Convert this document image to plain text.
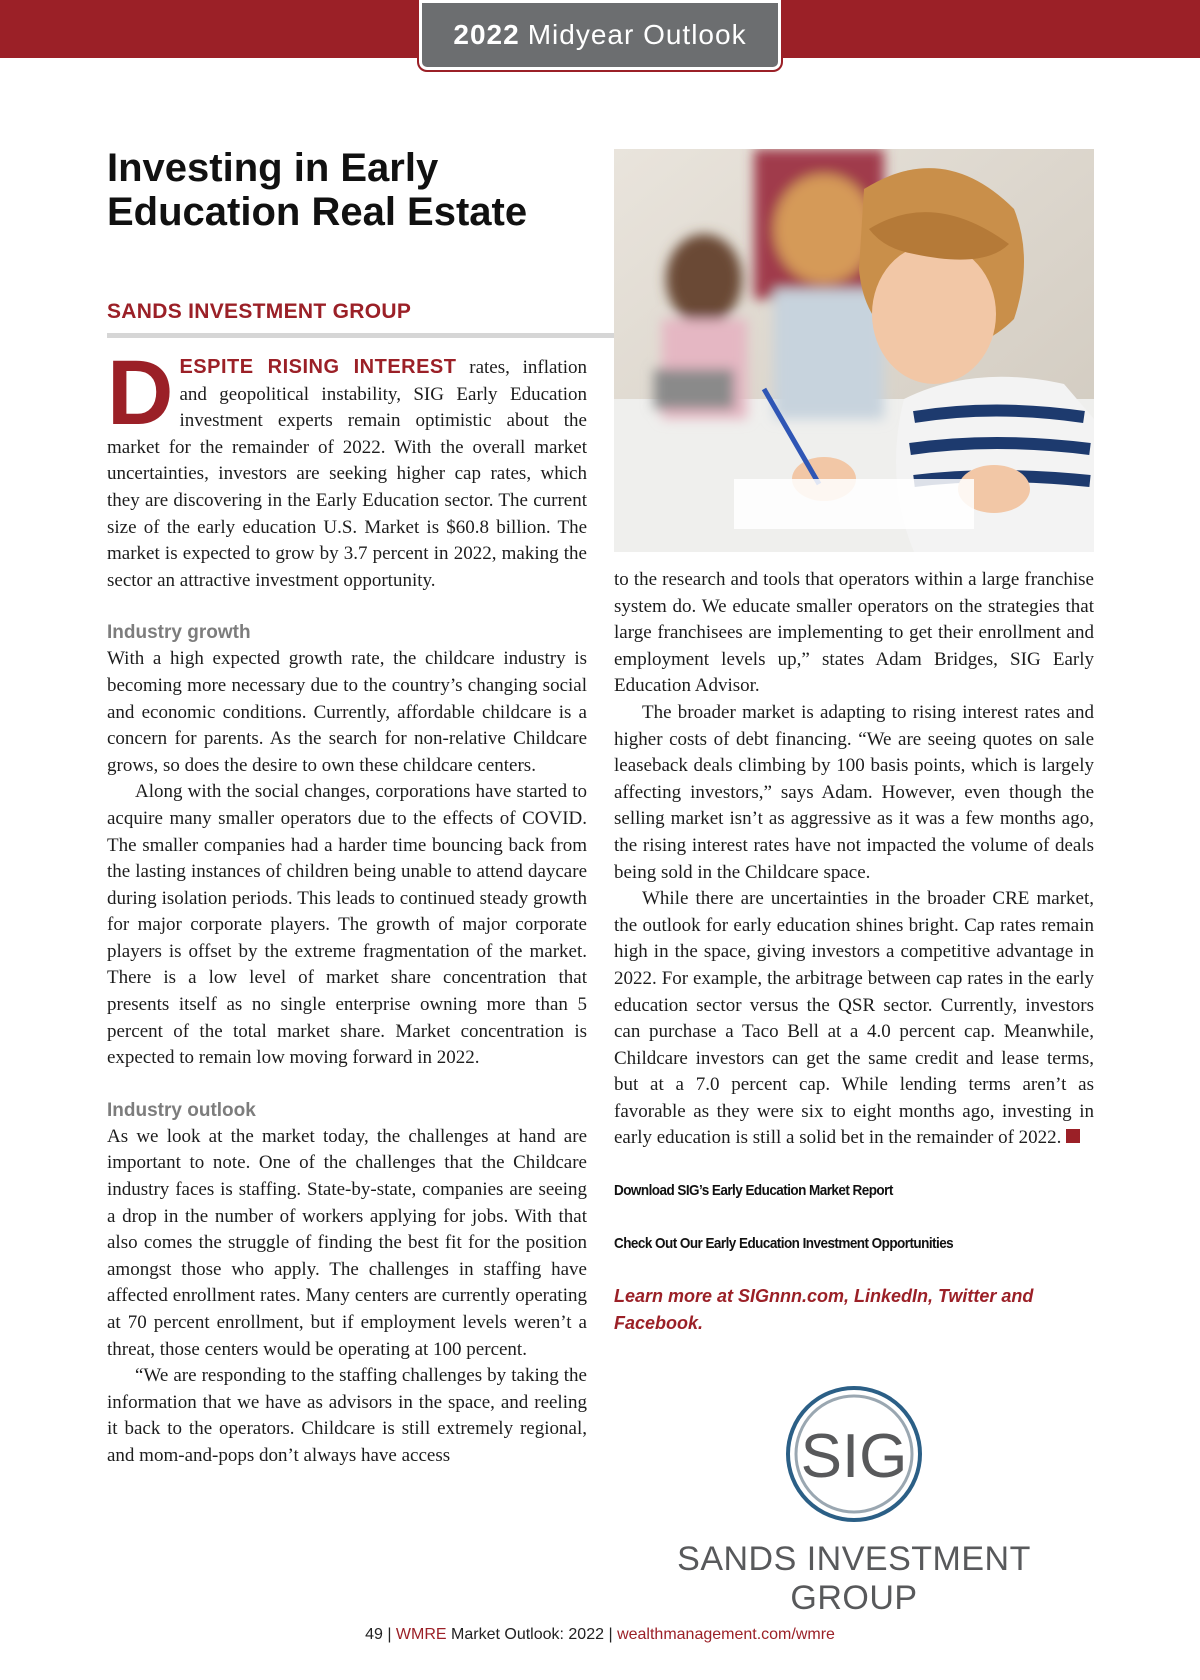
2022 Midyear Outlook
Investing in Early Education Real Estate
SANDS INVESTMENT GROUP

DESPITE RISING INTEREST rates, inflation and geopolitical instability, SIG Early Education investment experts remain optimistic about the market for the remainder of 2022. With the overall market uncertainties, investors are seeking higher cap rates, which they are discovering in the Early Education sector. The current size of the early education U.S. Market is $60.8 billion. The market is expected to grow by 3.7 percent in 2022, making the sector an attractive investment opportunity.

Industry growth

With a high expected growth rate, the childcare industry is becoming more necessary due to the country’s changing social and economic conditions. Currently, affordable childcare is a concern for parents. As the search for non-relative Childcare grows, so does the desire to own these childcare centers.

Along with the social changes, corporations have started to acquire many smaller operators due to the effects of COVID. The smaller companies had a harder time bouncing back from the lasting instances of children being unable to attend daycare during isolation periods. This leads to continued steady growth for major corporate players. The growth of major corporate players is offset by the extreme fragmentation of the market. There is a low level of market share concentration that presents itself as no single enterprise owning more than 5 percent of the total market share. Market concentration is expected to remain low moving forward in 2022.

Industry outlook

As we look at the market today, the challenges at hand are important to note. One of the challenges that the Childcare industry faces is staffing. State-by-state, companies are seeing a drop in the number of workers applying for jobs. With that also comes the struggle of finding the best fit for the position amongst those who apply. The challenges in staffing have affected enrollment rates. Many centers are currently operating at 70 percent enrollment, but if employment levels weren’t a threat, those centers would be operating at 100 percent.

“We are responding to the staffing challenges by taking the information that we have as advisors in the space, and reeling it back to the operators. Childcare is still extremely regional, and mom-and-pops don’t always have access

to the research and tools that operators within a large franchise system do. We educate smaller operators on the strategies that large franchisees are implementing to get their enrollment and employment levels up,” states Adam Bridges, SIG Early Education Advisor.

The broader market is adapting to rising interest rates and higher costs of debt financing. “We are seeing quotes on sale leaseback deals climbing by 100 basis points, which is largely affecting investors,” says Adam. However, even though the selling market isn’t as aggressive as it was a few months ago, the rising interest rates have not impacted the volume of deals being sold in the Childcare space.

While there are uncertainties in the broader CRE market, the outlook for early education shines bright. Cap rates remain high in the space, giving investors a competitive advantage in 2022. For example, the arbitrage between cap rates in the early education sector versus the QSR sector. Currently, investors can purchase a Taco Bell at a 4.0 percent cap. Meanwhile, Childcare investors can get the same credit and lease terms, but at a 7.0 percent cap. While lending terms aren’t as favorable as they were six to eight months ago, investing in early education is still a solid bet in the remainder of 2022.

Download SIG’s Early Education Market Report
Check Out Our Early Education Investment Opportunities
Learn more at SIGnnn.com, LinkedIn, Twitter and Facebook.
SIG
SANDS INVESTMENT GROUP
49 | WMRE Market Outlook: 2022 | wealthmanagement.com/wmre
